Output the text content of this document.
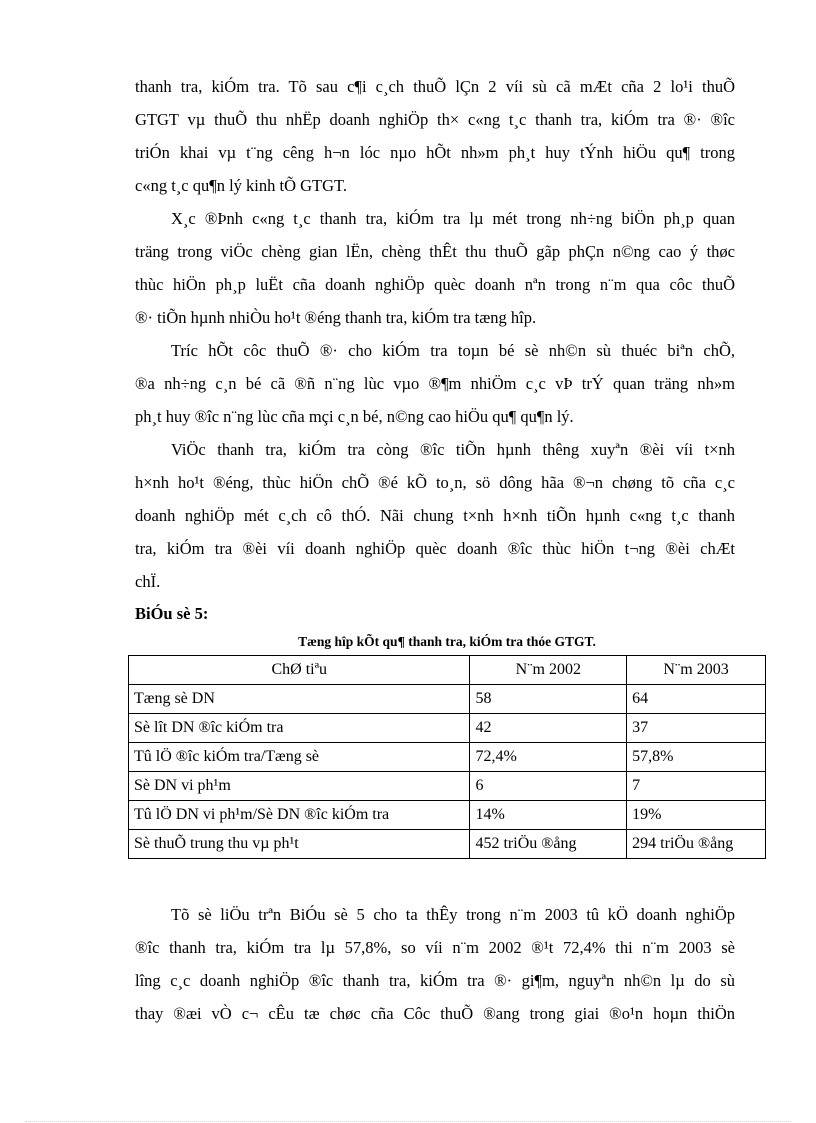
thanh tra, kiÓm tra. Tõ sau c¶i c¸ch thuÕ lÇn 2 víi sù cã mÆt cña 2 lo¹i thuÕ
GTGT vµ thuÕ thu nhËp doanh nghiÖp th× c«ng t¸c thanh tra, kiÓm tra ®· ®îc
triÓn khai vµ t¨ng cêng h¬n lóc nµo hÕt nh»m ph¸t huy tÝnh hiÖu qu¶ trong
c«ng t¸c qu¶n lý kinh tÕ GTGT.
X¸c ®Þnh c«ng t¸c thanh tra, kiÓm tra lµ mét trong nh÷ng biÖn ph¸p quan
träng trong viÖc chèng gian lËn, chèng thÊt thu thuÕ gãp phÇn n©ng cao ý thøc
thùc hiÖn ph¸p luËt cña doanh nghiÖp quèc doanh nªn trong n¨m qua côc thuÕ
®· tiÕn hµnh nhiÒu ho¹t ®éng thanh tra, kiÓm tra tæng hîp.
Tríc hÕt côc thuÕ ®· cho kiÓm tra toµn bé sè nh©n sù thuéc biªn chÕ,
®a nh÷ng c¸n bé cã ®ñ n¨ng lùc vµo ®¶m nhiÖm c¸c vÞ trÝ quan träng nh»m
ph¸t huy ®îc n¨ng lùc cña mçi c¸n bé, n©ng cao hiÖu qu¶ qu¶n lý.
ViÖc thanh tra, kiÓm tra còng ®îc tiÕn hµnh thêng xuyªn ®èi víi t×nh
h×nh ho¹t ®éng, thùc hiÖn chÕ ®é kÕ to¸n, sö dông hãa ®¬n chøng tõ cña c¸c
doanh nghiÖp mét c¸ch cô thÓ. Nãi chung t×nh h×nh tiÕn hµnh c«ng t¸c thanh
tra, kiÓm tra ®èi víi doanh nghiÖp quèc doanh ®îc thùc hiÖn t¬ng ®èi chÆt
chÏ.
BiÓu sè 5:
Tæng hîp kÕt qu¶ thanh tra, kiÓm tra thóe GTGT.
ChØ tiªu	N¨m 2002	N¨m 2003
Tæng sè DN	58	64
Sè lît DN ®îc kiÓm tra	42	37
Tû lÖ ®îc kiÓm tra/Tæng sè	72,4%	57,8%
Sè DN vi ph¹m	6	7
Tû lÖ DN vi ph¹m/Sè DN ®îc kiÓm tra	14%	19%
Sè thuÕ trung thu vµ ph¹t	452 triÖu ®ång	294 triÖu ®ång
Tõ sè liÖu trªn BiÓu sè 5 cho ta thÊy trong n¨m 2003 tû kÖ doanh nghiÖp
®îc thanh tra, kiÓm tra lµ 57,8%, so víi n¨m 2002 ®¹t 72,4% thi n¨m 2003 sè
lîng c¸c doanh nghiÖp ®îc thanh tra, kiÓm tra ®· gi¶m, nguyªn nh©n lµ do sù
thay ®æi vÒ c¬ cÊu tæ chøc cña Côc thuÕ ®ang trong giai ®o¹n hoµn thiÖn
